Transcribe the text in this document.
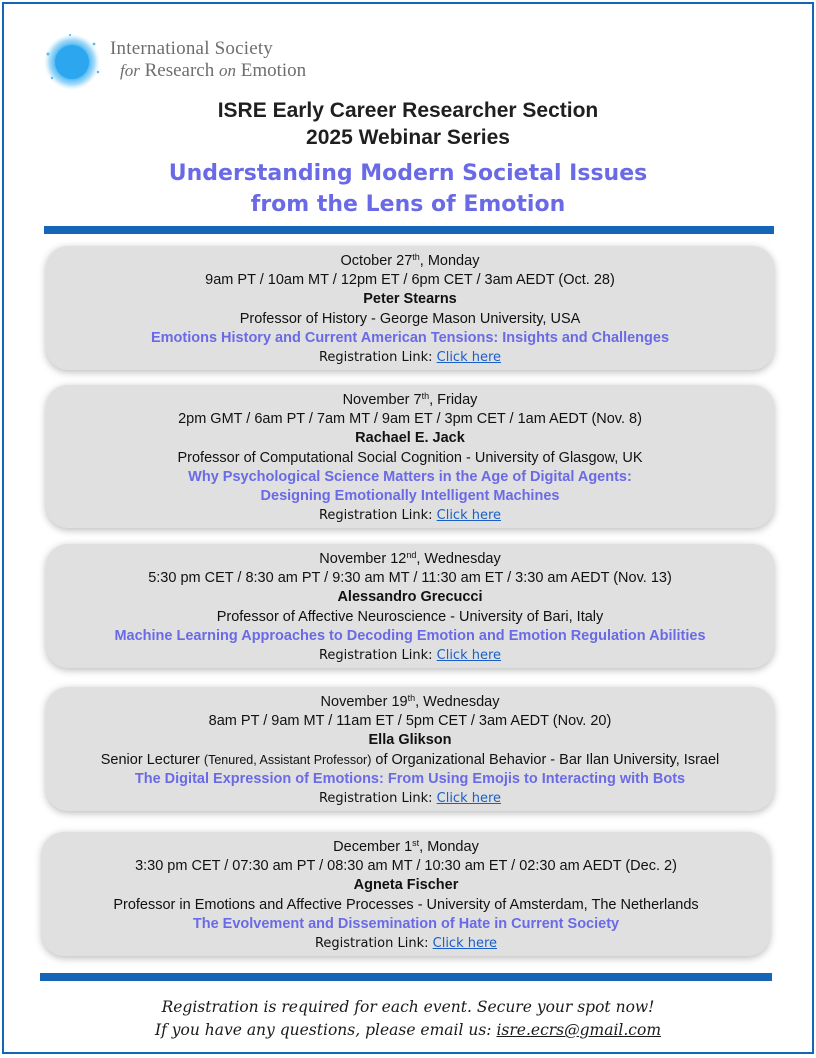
International Society
for Research on Emotion
ISRE Early Career Researcher Section
2025 Webinar Series
Understanding Modern Societal Issues
from the Lens of Emotion
October 27th, Monday
9am PT / 10am MT / 12pm ET / 6pm CET / 3am AEDT (Oct. 28)
Peter Stearns
Professor of History - George Mason University, USA
Emotions History and Current American Tensions: Insights and Challenges
Registration Link: Click here
November 7th, Friday
2pm GMT / 6am PT / 7am MT / 9am ET / 3pm CET / 1am AEDT (Nov. 8)
Rachael E. Jack
Professor of Computational Social Cognition - University of Glasgow, UK
Why Psychological Science Matters in the Age of Digital Agents:
Designing Emotionally Intelligent Machines
Registration Link: Click here
November 12nd, Wednesday
5:30 pm CET / 8:30 am PT / 9:30 am MT / 11:30 am ET / 3:30 am AEDT (Nov. 13)
Alessandro Grecucci
Professor of Affective Neuroscience - University of Bari, Italy
Machine Learning Approaches to Decoding Emotion and Emotion Regulation Abilities
Registration Link: Click here
November 19th, Wednesday
8am PT / 9am MT / 11am ET / 5pm CET / 3am AEDT (Nov. 20)
Ella Glikson
Senior Lecturer (Tenured, Assistant Professor) of Organizational Behavior - Bar Ilan University, Israel
The Digital Expression of Emotions: From Using Emojis to Interacting with Bots
Registration Link: Click here
December 1st, Monday
3:30 pm CET / 07:30 am PT / 08:30 am MT / 10:30 am ET / 02:30 am AEDT (Dec. 2)
Agneta Fischer
Professor in Emotions and Affective Processes - University of Amsterdam, The Netherlands
The Evolvement and Dissemination of Hate in Current Society
Registration Link: Click here
Registration is required for each event. Secure your spot now!
If you have any questions, please email us: isre.ecrs@gmail.com
